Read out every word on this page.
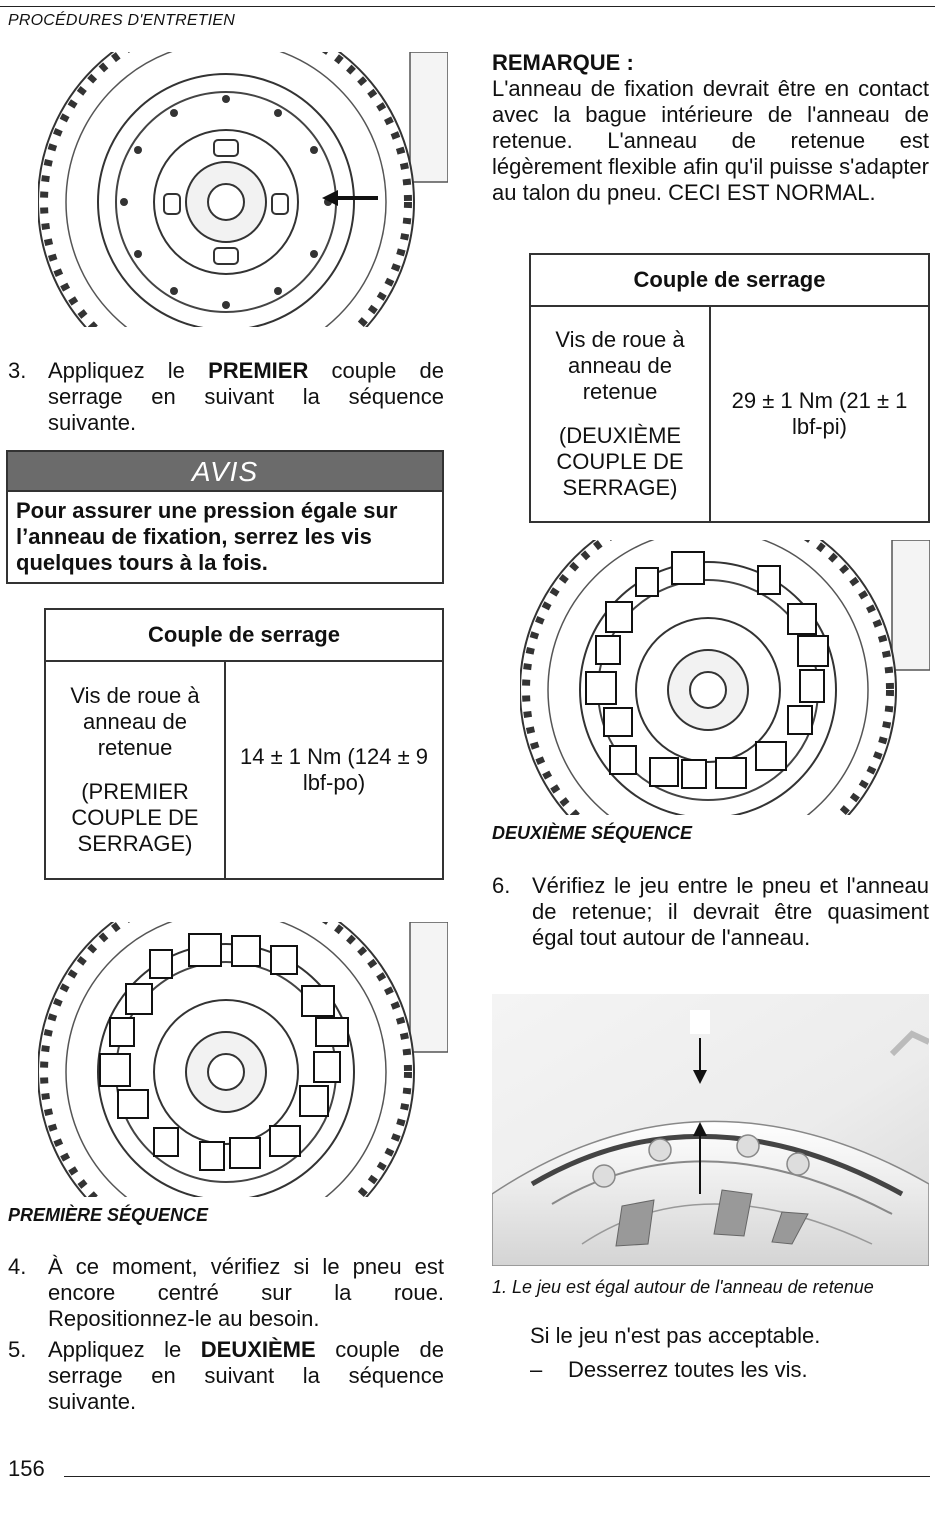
PROCÉDURES D'ENTRETIEN
3. Appliquez le PREMIER couple de serrage en suivant la séquence suivante.
AVIS
Pour assurer une pression égale sur l’anneau de fixation, serrez les vis quelques tours à la fois.
Couple de serrage

Vis de roue à anneau de retenue
(PREMIER COUPLE DE SERRAGE)
	14 ± 1 Nm (124 ± 9 lbf-po)
PREMIÈRE SÉQUENCE
4. À ce moment, vérifiez si le pneu est encore centré sur la roue. Repositionnez-le au besoin.
5. Appliquez le DEUXIÈME couple de serrage en suivant la séquence suivante.
REMARQUE :
L'anneau de fixation devrait être en contact avec la bague intérieure de l'anneau de retenue. L'anneau de retenue est légèrement flexible afin qu'il puisse s'adapter au talon du pneu. CECI EST NORMAL.
Couple de serrage

Vis de roue à anneau de retenue
(DEUXIÈME COUPLE DE SERRAGE)
	29 ± 1 Nm (21 ± 1 lbf-pi)
DEUXIÈME SÉQUENCE
6. Vérifiez le jeu entre le pneu et l'anneau de retenue; il devrait être quasiment égal tout autour de l'anneau.
1. Le jeu est égal autour de l'anneau de retenue
Si le jeu n'est pas acceptable.
– Desserrez toutes les vis.
156
